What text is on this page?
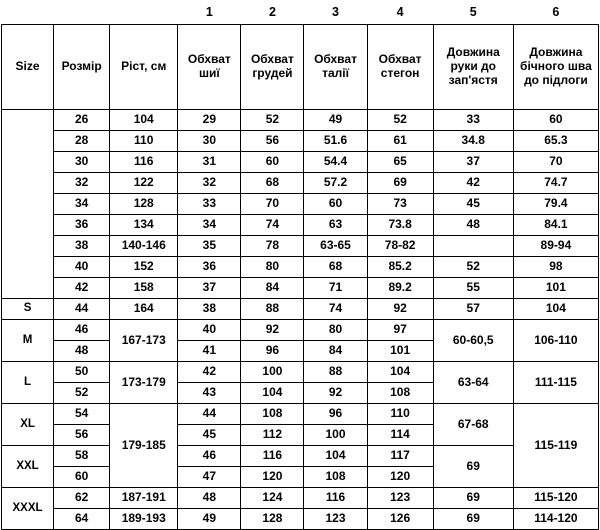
			1	2	3	4	5	6
Size	Розмір	Ріст, см	Обхват шиї	Обхват грудей	Обхват талії	Обхват стегон	Довжина руки до зап'ястя	Довжина бічного шва до підлоги
	26	104	29	52	49	52	33	60
	28	110	30	56	51.6	61	34.8	65.3
	30	116	31	60	54.4	65	37	70
	32	122	32	68	57.2	69	42	74.7
	34	128	33	70	60	73	45	79.4
	36	134	34	74	63	73.8	48	84.1
	38	140-146	35	78	63-65	78-82		89-94
	40	152	36	80	68	85.2	52	98
	42	158	37	84	71	89.2	55	101
S	44	164	38	88	74	92	57	104
M	46	167-173	40	92	80	97	60-60,5	106-110
	48		41	96	84	101		
L	50	173-179	42	100	88	104	63-64	111-115
	52		43	104	92	108		
XL	54	179-185	44	108	96	110	67-68	115-119
	56		45	112	100	114		
XXL	58		46	116	104	117	69	
	60		47	120	108	120		
XXXL	62	187-191	48	124	116	123	69	115-120
	64	189-193	49	128	123	126	69	114-120
